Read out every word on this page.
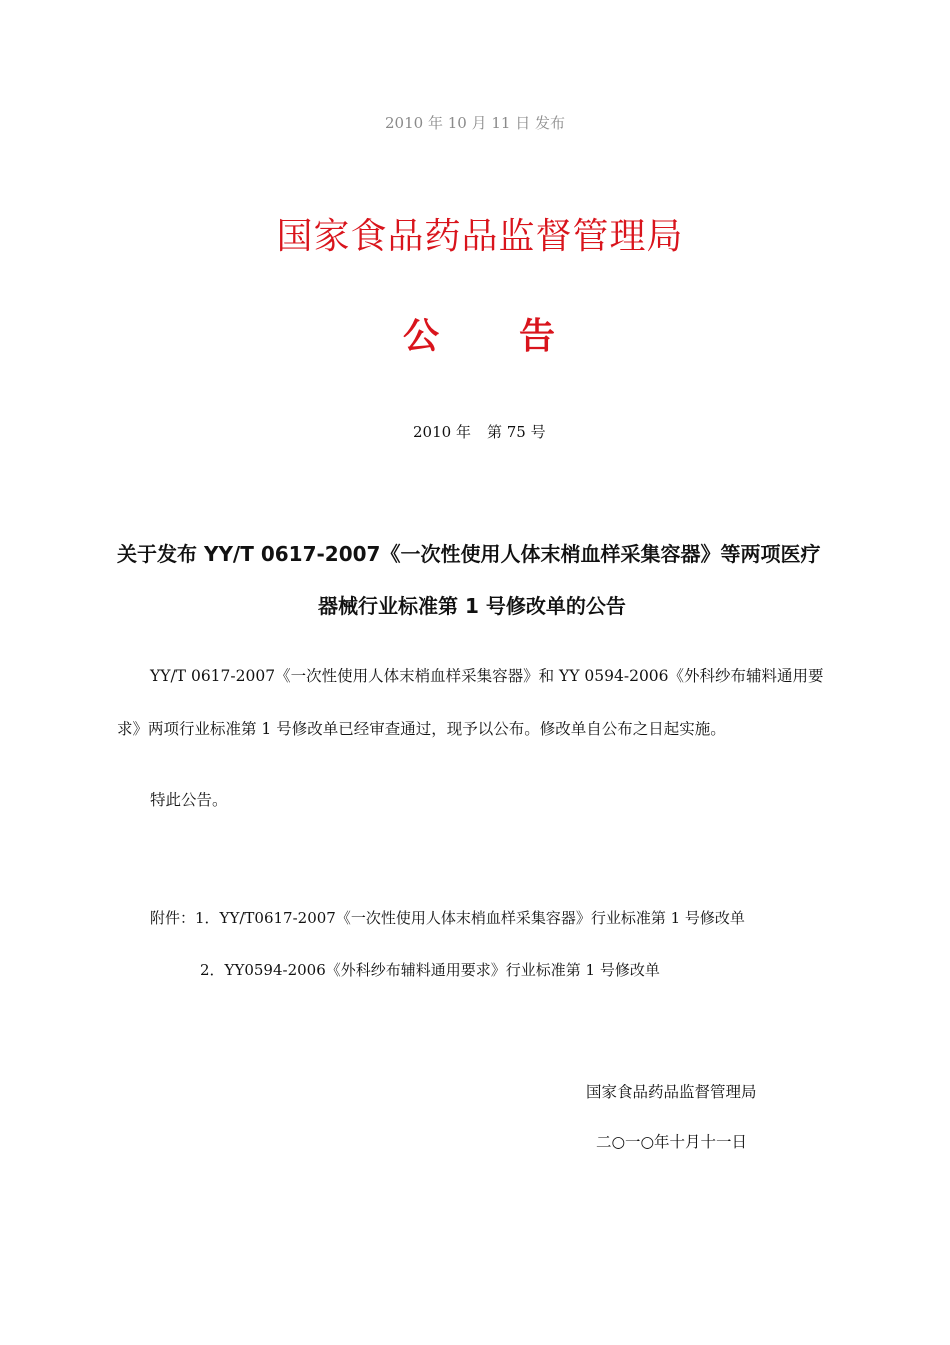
2010 年 10 月 11 日 发布
国家食品药品监督管理局
公 告
2010 年 第 75 号
关于发布 YY/T 0617-2007《一次性使用人体末梢血样采集容器》等两项医疗
器械行业标准第 1 号修改单的公告
YY/T 0617-2007《一次性使用人体末梢血样采集容器》和 YY 0594-2006《外科纱布辅料通用要
求》两项行业标准第 1 号修改单已经审查通过，现予以公布。修改单自公布之日起实施。
特此公告。
附件：1．YY/T0617-2007《一次性使用人体末梢血样采集容器》行业标准第 1 号修改单
2．YY0594-2006《外科纱布辅料通用要求》行业标准第 1 号修改单
国家食品药品监督管理局
二○一○年十月十一日
